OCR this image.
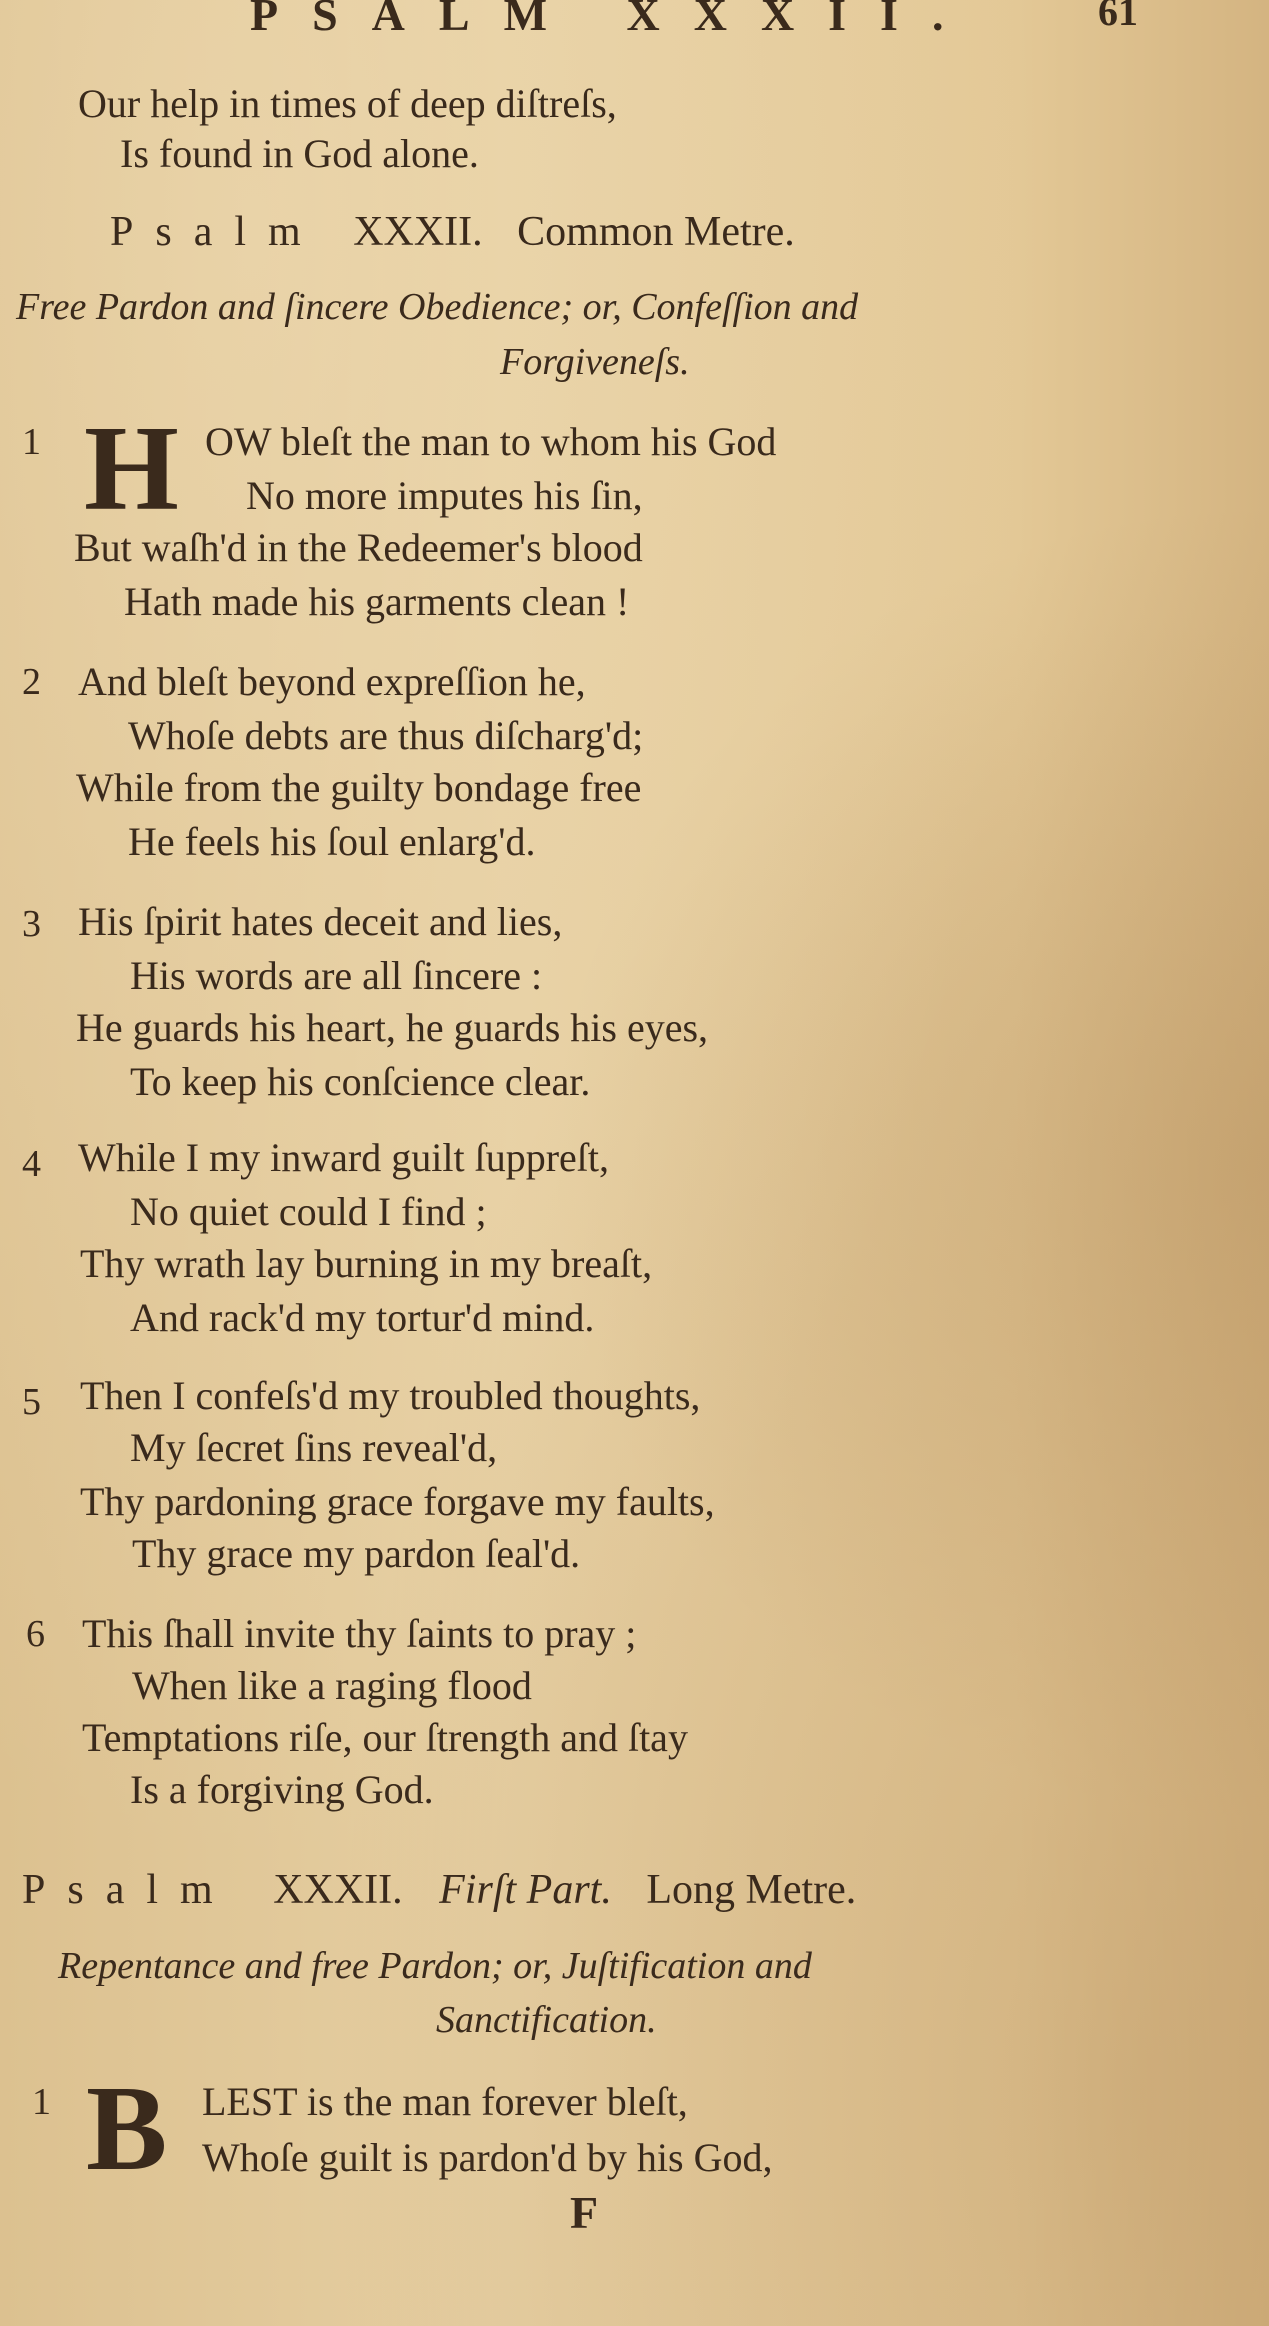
PSALM XXXII.	61
Our help in times of deep diſtreſs,
Is found in God alone.
Psalm XXXII. Common Metre.
Free Pardon and ſincere Obedience; or, Confeſſion and
Forgiveneſs.
1 H OW bleſt the man to whom his God
No more imputes his ſin,
But waſh'd in the Redeemer's blood
Hath made his garments clean !
2 And bleſt beyond expreſſion he,
Whoſe debts are thus diſcharg'd;
While from the guilty bondage free
He feels his ſoul enlarg'd.
3 His ſpirit hates deceit and lies,
His words are all ſincere :
He guards his heart, he guards his eyes,
To keep his conſcience clear.
4 While I my inward guilt ſuppreſt,
No quiet could I find ;
Thy wrath lay burning in my breaſt,
And rack'd my tortur'd mind.
5 Then I confeſs'd my troubled thoughts,
My ſecret ſins reveal'd,
Thy pardoning grace forgave my faults,
Thy grace my pardon ſeal'd.
6 This ſhall invite thy ſaints to pray ;
When like a raging flood
Temptations riſe, our ſtrength and ſtay
Is a forgiving God.
Psalm XXXII. Firſt Part. Long Metre.
Repentance and free Pardon; or, Juſtification and
Sanctification.
1 B LEST is the man forever bleſt,
Whoſe guilt is pardon'd by his God,
F
